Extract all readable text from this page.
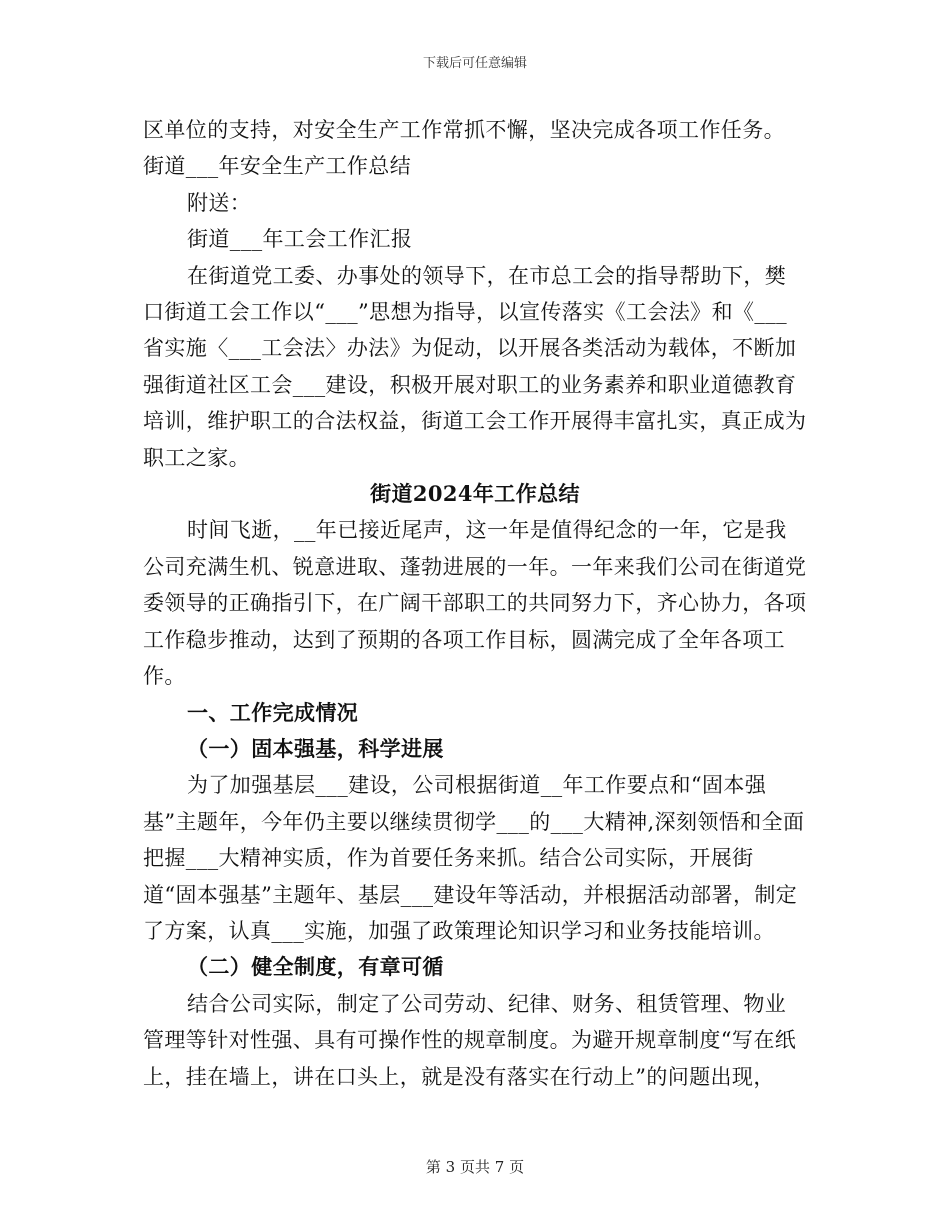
下载后可任意编辑

区单位的支持，对安全生产工作常抓不懈，坚决完成各项工作任务。

街道___年安全生产工作总结

附送：

街道___年工会工作汇报

在街道党工委、办事处的领导下，在市总工会的指导帮助下，樊口街道工会工作以“___”思想为指导，以宣传落实《工会法》和《___省实施〈___工会法〉办法》为促动，以开展各类活动为载体，不断加强街道社区工会___建设，积极开展对职工的业务素养和职业道德教育培训，维护职工的合法权益，街道工会工作开展得丰富扎实，真正成为职工之家。

街道2024年工作总结

时间飞逝，__年已接近尾声，这一年是值得纪念的一年，它是我公司充满生机、锐意进取、蓬勃进展的一年。一年来我们公司在街道党委领导的正确指引下，在广阔干部职工的共同努力下，齐心协力，各项工作稳步推动，达到了预期的各项工作目标，圆满完成了全年各项工作。

一、工作完成情况

（一）固本强基，科学进展

为了加强基层___建设，公司根据街道__年工作要点和“固本强基”主题年，今年仍主要以继续贯彻学___的___大精神,深刻领悟和全面把握___大精神实质，作为首要任务来抓。结合公司实际，开展街道“固本强基”主题年、基层___建设年等活动，并根据活动部署，制定了方案，认真___实施，加强了政策理论知识学习和业务技能培训。

（二）健全制度，有章可循

结合公司实际，制定了公司劳动、纪律、财务、租赁管理、物业管理等针对性强、具有可操作性的规章制度。为避开规章制度“写在纸上，挂在墙上，讲在口头上，就是没有落实在行动上”的问题出现，

第 3 页共 7 页
